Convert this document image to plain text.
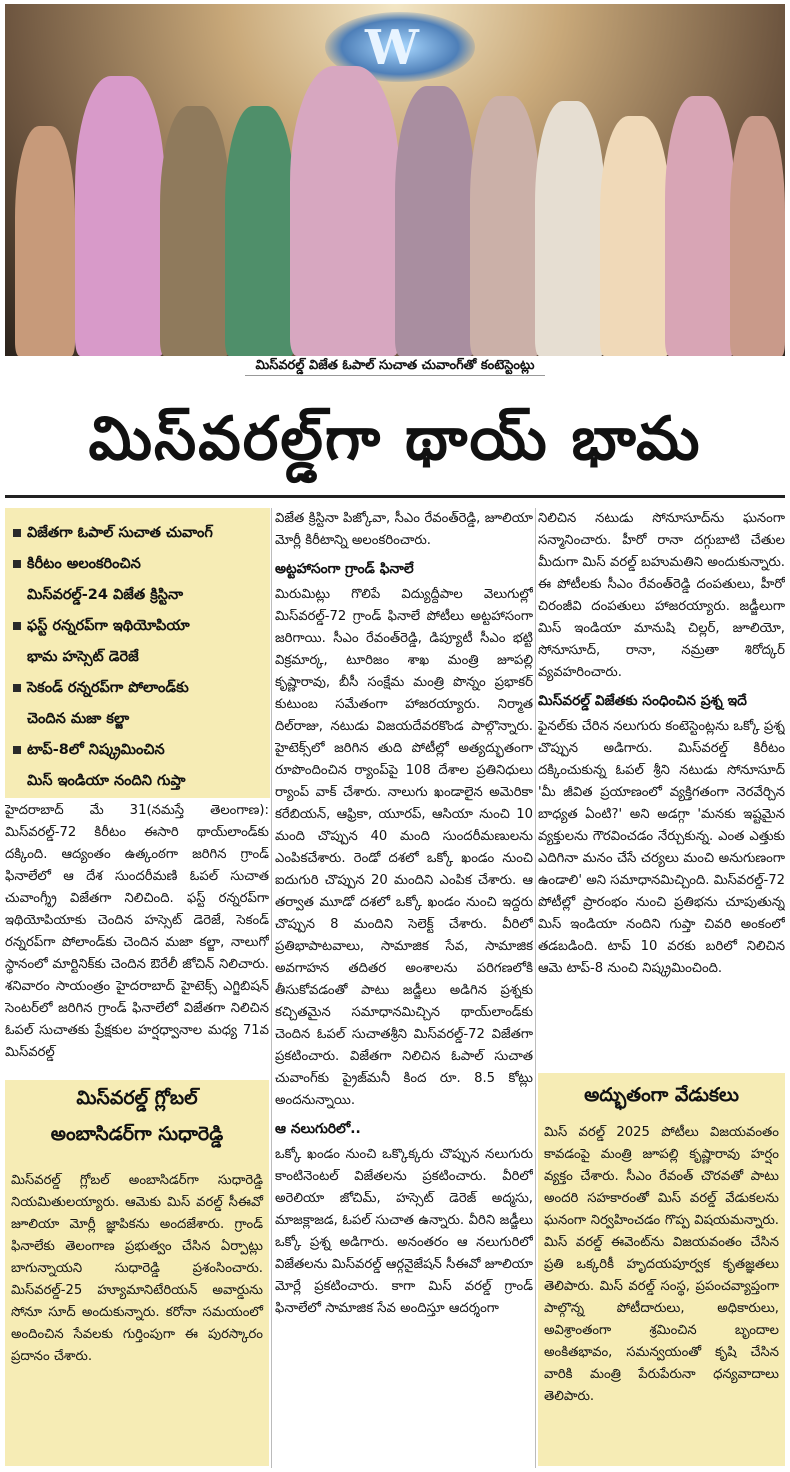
W
మిస్‌వరల్డ్ విజేత ఓపాల్ సుచాత చువాంగ్‌తో కంటెస్టెంట్లు
మిస్‌వరల్డ్‌గా థాయ్ భామ
విజేతగా ఓపాల్ సుచాత చువాంగ్
కిరీటం అలంకరించిన
మిస్‌వరల్డ్-24 విజేత క్రిస్టినా
ఫస్ట్ రన్నరప్‌గా ఇథియోపియా
భామ హస్సెట్ డెరెజే
సెకండ్ రన్నరప్‌గా పోలాండ్‌కు
చెందిన మజా కల్జా
టాప్-8లో నిష్క్రమించిన
మిస్ ఇండియా నందిని గుప్తా

హైదరాబాద్ మే 31(నమస్తే తెలంగాణ): మిస్‌వరల్డ్-72 కిరీటం ఈసారి థాయ్‌లాండ్‌కు దక్కింది. ఆద్యంతం ఉత్కంఠగా జరిగిన గ్రాండ్ ఫినాలేలో ఆ దేశ సుందరీమణి ఓపల్ సుచాత చువాంగ్శ్రీ విజేతగా నిలిచింది. ఫస్ట్ రన్నరప్‌గా ఇథియోపియాకు చెందిన హస్సెట్ డెరెజే, సెకండ్ రన్నరప్‌గా పోలాండ్‌కు చెందిన మజా కల్జా, నాలుగో స్థానంలో మార్టినిక్‌కు చెందిన ఔరేలీ జోచిన్ నిలిచారు. శనివారం సాయంత్రం హైదరాబాద్ హైటెక్స్ ఎగ్జిబిషన్ సెంటర్‌లో జరిగిన గ్రాండ్ ఫినాలేలో విజేతగా నిలిచిన ఓపల్ సుచాతకు ప్రేక్షకుల హర్షధ్వానాల మధ్య 71వ మిస్‌వరల్డ్

మిస్‌వరల్డ్ గ్లోబల్
అంబాసిడర్‌గా సుధారెడ్డి

మిస్‌వరల్డ్ గ్లోబల్ అంబాసిడర్‌గా సుధారెడ్డి నియమితులయ్యారు. ఆమెకు మిస్ వరల్డ్ సీఈవో జూలియా మోర్లీ జ్ఞాపికను అందజేశారు. గ్రాండ్ ఫినాలేకు తెలంగాణ ప్రభుత్వం చేసిన ఏర్పాట్లు బాగున్నాయని సుధారెడ్డి ప్రశంసించారు. మిస్‌వరల్డ్-25 హ్యూమానిటేరియన్ అవార్డును సోనూ సూద్ అందుకున్నారు. కరోనా సమయంలో అందించిన సేవలకు గుర్తింపుగా ఈ పురస్కారం ప్రదానం చేశారు.

విజేత క్రిస్టినా పిజ్కోవా, సీఎం రేవంత్‌రెడ్డి, జూలియా మోర్లీ కిరీటాన్ని అలంకరించారు.

అట్టహాసంగా గ్రాండ్ ఫినాలే

మిరుమిట్లు గొలిపే విద్యుద్దీపాల వెలుగుల్లో మిస్‌వరల్డ్-72 గ్రాండ్ ఫినాలే పోటీలు అట్టహాసంగా జరిగాయి. సీఎం రేవంత్‌రెడ్డి, డిప్యూటీ సీఎం భట్టి విక్రమార్క, టూరిజం శాఖ మంత్రి జూపల్లి కృష్ణారావు, బీసీ సంక్షేమ మంత్రి పొన్నం ప్రభాకర్ కుటుంబ సమేతంగా హాజరయ్యారు. నిర్మాత దిల్‌రాజు, నటుడు విజయదేవరకొండ పాల్గొన్నారు. హైటెక్స్‌లో జరిగిన తుది పోటీల్లో అత్యద్భుతంగా రూపొందించిన ర్యాంప్‌పై 108 దేశాల ప్రతినిధులు ర్యాంప్ వాక్ చేశారు. నాలుగు ఖండాలైన అమెరికా కరేబియన్, ఆఫ్రికా, యూరప్, ఆసియా నుంచి 10 మంది చొప్పున 40 మంది సుందరీమణులను ఎంపికచేశారు. రెండో దశలో ఒక్కో ఖండం నుంచి ఐదుగురి చొప్పున 20 మందిని ఎంపిక చేశారు. ఆ తర్వాత మూడో దశలో ఒక్కో ఖండం నుంచి ఇద్దరు చొప్పున 8 మందిని సెలెక్ట్ చేశారు. వీరిలో ప్రతిభాపాటవాలు, సామాజిక సేవ, సామాజిక అవగాహన తదితర అంశాలను పరిగణలోకి తీసుకోవడంతో పాటు జడ్జీలు అడిగిన ప్రశ్నకు కచ్చితమైన సమాధానమిచ్చిన థాయ్‌లాండ్‌కు చెందిన ఓపల్ సుచాతశ్రీని మిస్‌వరల్డ్-72 విజేతగా ప్రకటించారు. విజేతగా నిలిచిన ఓపాల్ సుచాత చువాంగ్‌కు ప్రైజ్‌మనీ కింద రూ. 8.5 కోట్లు అందనున్నాయి.

ఆ నలుగురిలో..

ఒక్కో ఖండం నుంచి ఒక్కొక్కరు చొప్పున నలుగురు కాంటినెంటల్ విజేతలను ప్రకటించారు. వీరిలో అరెలియా జోచిమ్, హస్సెట్ డెరెజ్ అద్మసు, మాజక్లాజడ, ఓపల్ సుచాత ఉన్నారు. వీరిని జడ్జీలు ఒక్కో ప్రశ్న అడిగారు. అనంతరం ఆ నలుగురిలో విజేతలను మిస్‌వరల్డ్ ఆర్గనైజేషన్ సీఈవో జూలియా మోర్లే ప్రకటించారు. కాగా మిస్ వరల్డ్ గ్రాండ్ ఫినాలేలో సామాజిక సేవ అందిస్తూ ఆదర్శంగా

నిలిచిన నటుడు సోనూసూద్‌ను ఘనంగా సన్మానించారు. హీరో రానా దగ్గుబాటి చేతుల మీదుగా మిస్ వరల్డ్ బహుమతిని అందుకున్నారు. ఈ పోటీలకు సీఎం రేవంత్‌రెడ్డి దంపతులు, హీరో చిరంజీవి దంపతులు హాజరయ్యారు. జడ్జీలుగా మిస్ ఇండియా మానుషి చిల్లర్, జూలియో, సోనూసూద్, రానా, నమ్రతా శిరోద్కర్ వ్యవహరించారు.

మిస్‌వరల్డ్ విజేతకు సంధించిన ప్రశ్న ఇదే

ఫైనల్‌కు చేరిన నలుగురు కంటెస్టెంట్లను ఒక్కో ప్రశ్న చొప్పున అడిగారు. మిస్‌వరల్డ్ కిరీటం దక్కించుకున్న ఓపల్ శ్రీని నటుడు సోనూసూద్ 'మీ జీవిత ప్రయాణంలో వ్యక్తిగతంగా నెరవేర్చిన బాధ్యత ఏంటి?' అని అడగ్గా 'మనకు ఇష్టమైన వ్యక్తులను గౌరవించడం నేర్చుకున్న. ఎంత ఎత్తుకు ఎదిగినా మనం చేసే చర్యలు మంచి అనుగుణంగా ఉండాలి' అని సమాధానమిచ్చింది. మిస్‌వరల్డ్-72 పోటీల్లో ప్రారంభం నుంచి ప్రతిభను చూపుతున్న మిస్ ఇండియా నందిని గుప్తా చివరి అంకంలో తడబడింది. టాప్ 10 వరకు బరిలో నిలిచిన ఆమె టాప్-8 నుంచి నిష్క్రమించింది.

అద్భుతంగా వేడుకలు

మిస్ వరల్డ్ 2025 పోటీలు విజయవంతం కావడంపై మంత్రి జూపల్లి కృష్ణారావు హర్షం వ్యక్తం చేశారు. సీఎం రేవంత్ చొరవతో పాటు అందరి సహకారంతో మిస్ వరల్డ్ వేడుకలను ఘనంగా నిర్వహించడం గొప్ప విషయమన్నారు. మిస్ వరల్డ్ ఈవెంట్‌ను విజయవంతం చేసిన ప్రతి ఒక్కరికీ హృదయపూర్వక కృతజ్ఞతలు తెలిపారు. మిస్ వరల్డ్ సంస్థ, ప్రపంచవ్యాప్తంగా పాల్గొన్న పోటీదారులు, అధికారులు, అవిశ్రాంతంగా శ్రమించిన బృందాల అంకితభావం, సమన్వయంతో కృషి చేసిన వారికి మంత్రి పేరుపేరునా ధన్యవాదాలు తెలిపారు.
